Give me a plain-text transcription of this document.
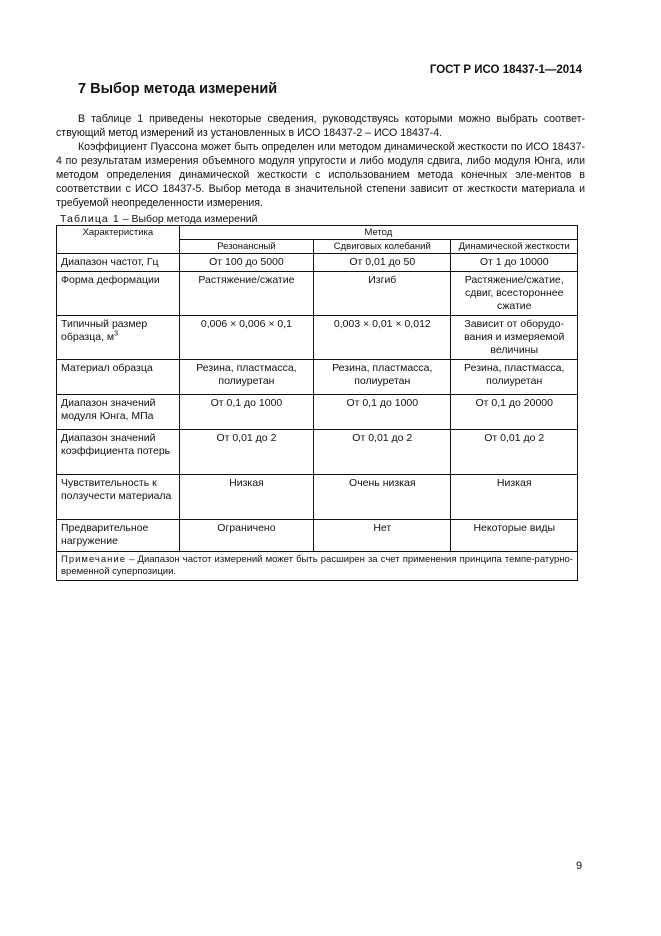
ГОСТ Р ИСО 18437-1—2014
7 Выбор метода измерений

В таблице 1 приведены некоторые сведения, руководствуясь которыми можно выбрать соответ-ствующий метод измерений из установленных в ИСО 18437-2 – ИСО 18437-4.

Коэффициент Пуассона может быть определен или методом динамической жесткости по ИСО 18437-4 по результатам измерения объемного модуля упругости и либо модуля сдвига, либо модуля Юнга, или методом определения динамической жесткости с использованием метода конечных эле-ментов в соответствии с ИСО 18437-5. Выбор метода в значительной степени зависит от жесткости материала и требуемой неопределенности измерения.

Таблица 1 – Выбор метода измерений
Характеристика	Метод		
	Резонансный	Сдвиговых колебаний	Динамической жесткости
Диапазон частот, Гц	От 100 до 5000	От 0,01 до 50	От 1 до 10000
Форма деформации	Растяжение/сжатие	Изгиб	Растяжение/сжатие, сдвиг, всестороннее сжатие
Типичный размер образца, $м^3$	0,006 × 0,006 × 0,1	0,003 × 0,01 × 0,012	Зависит от оборудо-вания и измеряемой величины
Материал образца	Резина, пластмасса, полиуретан	Резина, пластмасса, полиуретан	Резина, пластмасса, полиуретан
Диапазон значений модуля Юнга, МПа	От 0,1 до 1000	От 0,1 до 1000	От 0,1 до 20000
Диапазон значений коэффициента потерь	От 0,01 до 2	От 0,01 до 2	От 0,01 до 2
Чувствительность к ползучести материала	Низкая	Очень низкая	Низкая
Предварительное нагружение	Ограничено	Нет	Некоторые виды
Примечание – Диапазон частот измерений может быть расширен за счет применения принципа темпе-ратурно-временной суперпозиции.			
9
